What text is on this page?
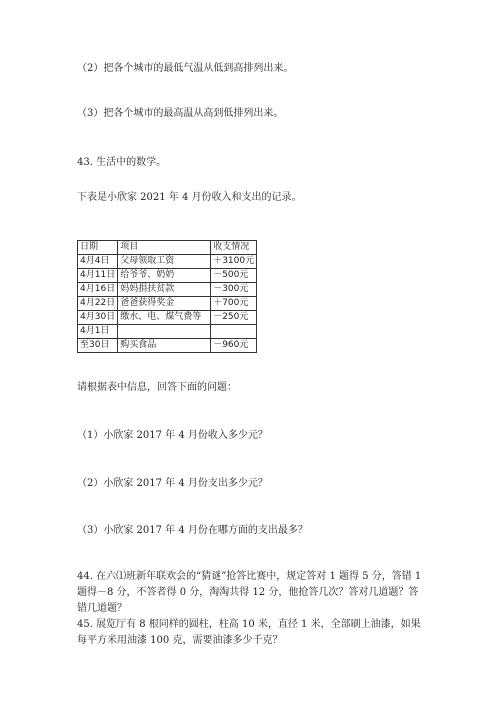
（2）把各个城市的最低气温从低到高排列出来。
（3）把各个城市的最高温从高到低排列出来。
43. 生活中的数学。
下表是小欣家 2021 年 4 月份收入和支出的记录。
日期	项目	收支情况
4月4日	父母领取工资	＋3100元
4月11日	给爷爷、奶奶	－500元
4月16日	妈妈捐扶贫款	－300元
4月22日	爸爸获得奖金	＋700元
4月30日	缴水、电、煤气费等	－250元
4月1日		
至30日	购买食品	－960元
请根据表中信息，回答下面的问题：
（1）小欣家 2017 年 4 月份收入多少元？
（2）小欣家 2017 年 4 月份支出多少元？
（3）小欣家 2017 年 4 月份在哪方面的支出最多？
44. 在六⑴班新年联欢会的“猜谜”抢答比赛中，规定答对 1 题得 5 分，答错 1 题得－8 分，不答者得 0 分，淘淘共得 12 分，他抢答几次？答对几道题？答错几道题？
45. 展览厅有 8 根同样的圆柱，柱高 10 米，直径 1 米，全部刷上油漆，如果每平方米用油漆 100 克，需要油漆多少千克？
